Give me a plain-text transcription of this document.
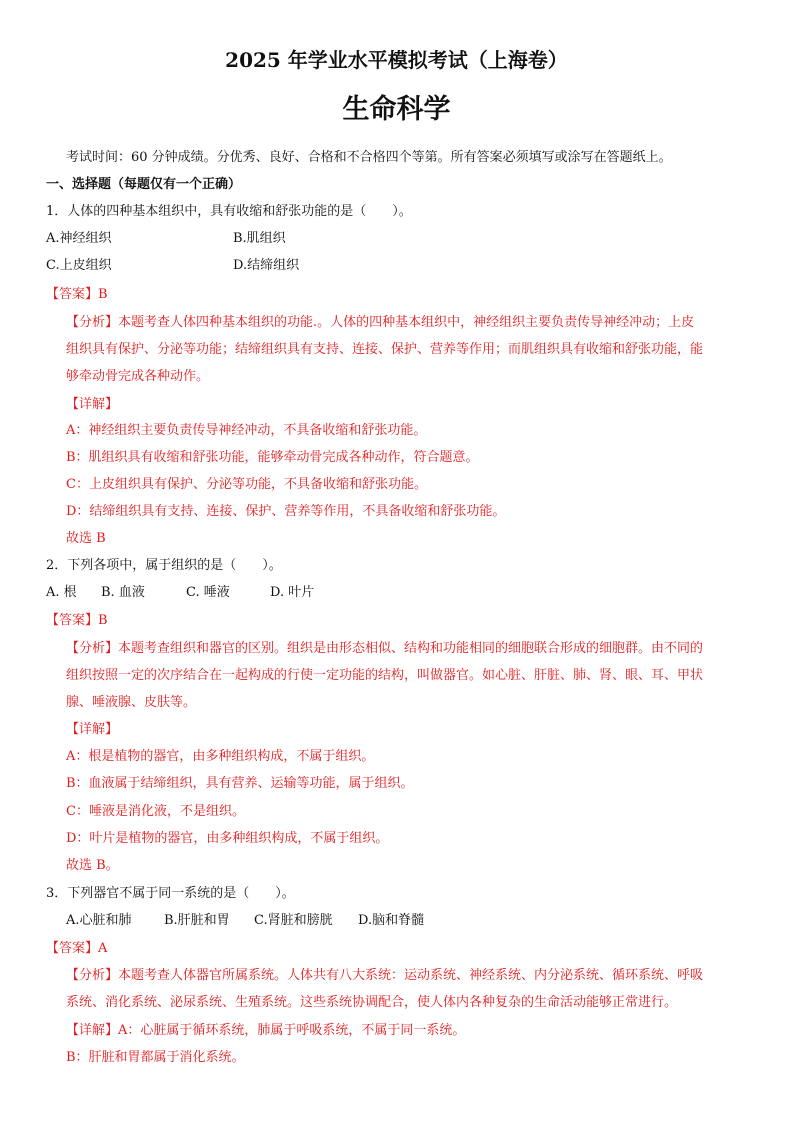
2025 年学业水平模拟考试（上海卷）
生命科学
考试时间：60 分钟成绩。分优秀、良好、合格和不合格四个等第。所有答案必须填写或涂写在答题纸上。
一、选择题（每题仅有一个正确）
1．人体的四种基本组织中，具有收缩和舒张功能的是（　　）。
A.神经组织	B.肌组织
C.上皮组织	D.结缔组织
【答案】B
【分析】本题考查人体四种基本组织的功能.。人体的四种基本组织中，神经组织主要负责传导神经冲动；上皮
组织具有保护、分泌等功能；结缔组织具有支持、连接、保护、营养等作用；而肌组织具有收缩和舒张功能，能
够牵动骨完成各种动作。
【详解】
A：神经组织主要负责传导神经冲动，不具备收缩和舒张功能。
B：肌组织具有收缩和舒张功能，能够牵动骨完成各种动作，符合题意。
C：上皮组织具有保护、分泌等功能，不具备收缩和舒张功能。
D：结缔组织具有支持、连接、保护、营养等作用，不具备收缩和舒张功能。
故选 B
2．下列各项中，属于组织的是（　　）。
A. 根 B. 血液	C. 唾液	D. 叶片
【答案】B
【分析】本题考查组织和器官的区别。组织是由形态相似、结构和功能相同的细胞联合形成的细胞群。由不同的
组织按照一定的次序结合在一起构成的行使一定功能的结构，叫做器官。如心脏、肝脏、肺、肾、眼、耳、甲状
腺、唾液腺、皮肤等。
【详解】
A：根是植物的器官，由多种组织构成，不属于组织。
B：血液属于结缔组织，具有营养、运输等功能，属于组织。
C：唾液是消化液，不是组织。
D：叶片是植物的器官，由多种组织构成，不属于组织。
故选 B。
3．下列器官不属于同一系统的是（　　）。
A.心脏和肺 B.肝脏和胃 C.肾脏和膀胱 D.脑和脊髓
【答案】A
【分析】本题考查人体器官所属系统。人体共有八大系统：运动系统、神经系统、内分泌系统、循环系统、呼吸
系统、消化系统、泌尿系统、生殖系统。这些系统协调配合，使人体内各种复杂的生命活动能够正常进行。
【详解】A：心脏属于循环系统，肺属于呼吸系统，不属于同一系统。
B：肝脏和胃都属于消化系统。
